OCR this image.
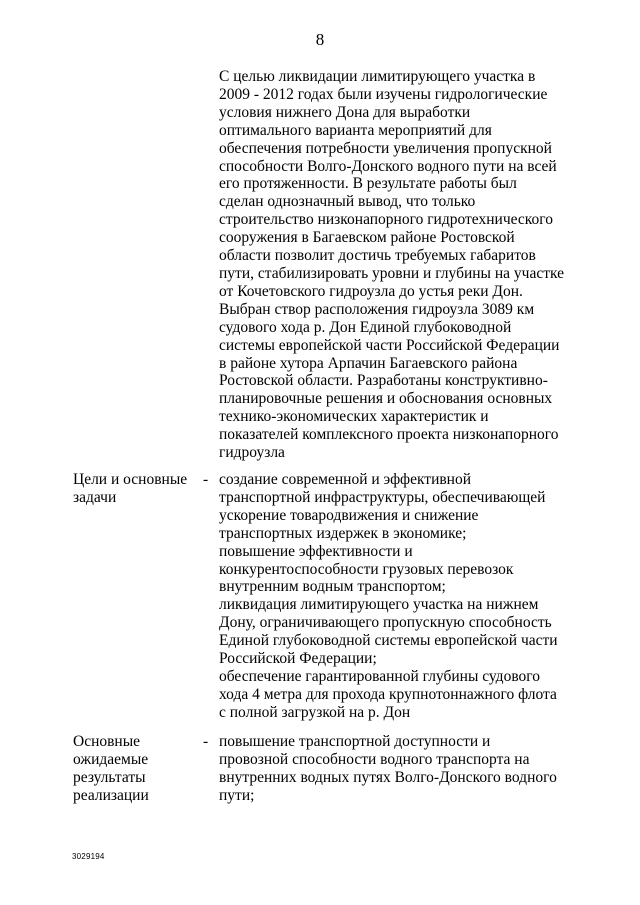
8
С целью ликвидации лимитирующего участка в
2009 - 2012 годах были изучены гидрологические
условия нижнего Дона для выработки
оптимального варианта мероприятий для
обеспечения потребности увеличения пропускной
способности Волго-Донского водного пути на всей
его протяженности. В результате работы был
сделан однозначный вывод, что только
строительство низконапорного гидротехнического
сооружения в Багаевском районе Ростовской
области позволит достичь требуемых габаритов
пути, стабилизировать уровни и глубины на участке
от Кочетовского гидроузла до устья реки Дон.
Выбран створ расположения гидроузла 3089 км
судового хода р. Дон Единой глубоководной
системы европейской части Российской Федерации
в районе хутора Арпачин Багаевского района
Ростовской области. Разработаны конструктивно-
планировочные решения и обоснования основных
технико-экономических характеристик и
показателей комплексного проекта низконапорного
гидроузла
Цели и основные
задачи
- создание современной и эффективной
транспортной инфраструктуры, обеспечивающей
ускорение товародвижения и снижение
транспортных издержек в экономике;
повышение эффективности и
конкурентоспособности грузовых перевозок
внутренним водным транспортом;
ликвидация лимитирующего участка на нижнем
Дону, ограничивающего пропускную способность
Единой глубоководной системы европейской части
Российской Федерации;
обеспечение гарантированной глубины судового
хода 4 метра для прохода крупнотоннажного флота
с полной загрузкой на р. Дон
Основные
ожидаемые
результаты
реализации
- повышение транспортной доступности и
провозной способности водного транспорта на
внутренних водных путях Волго-Донского водного
пути;
3029194
